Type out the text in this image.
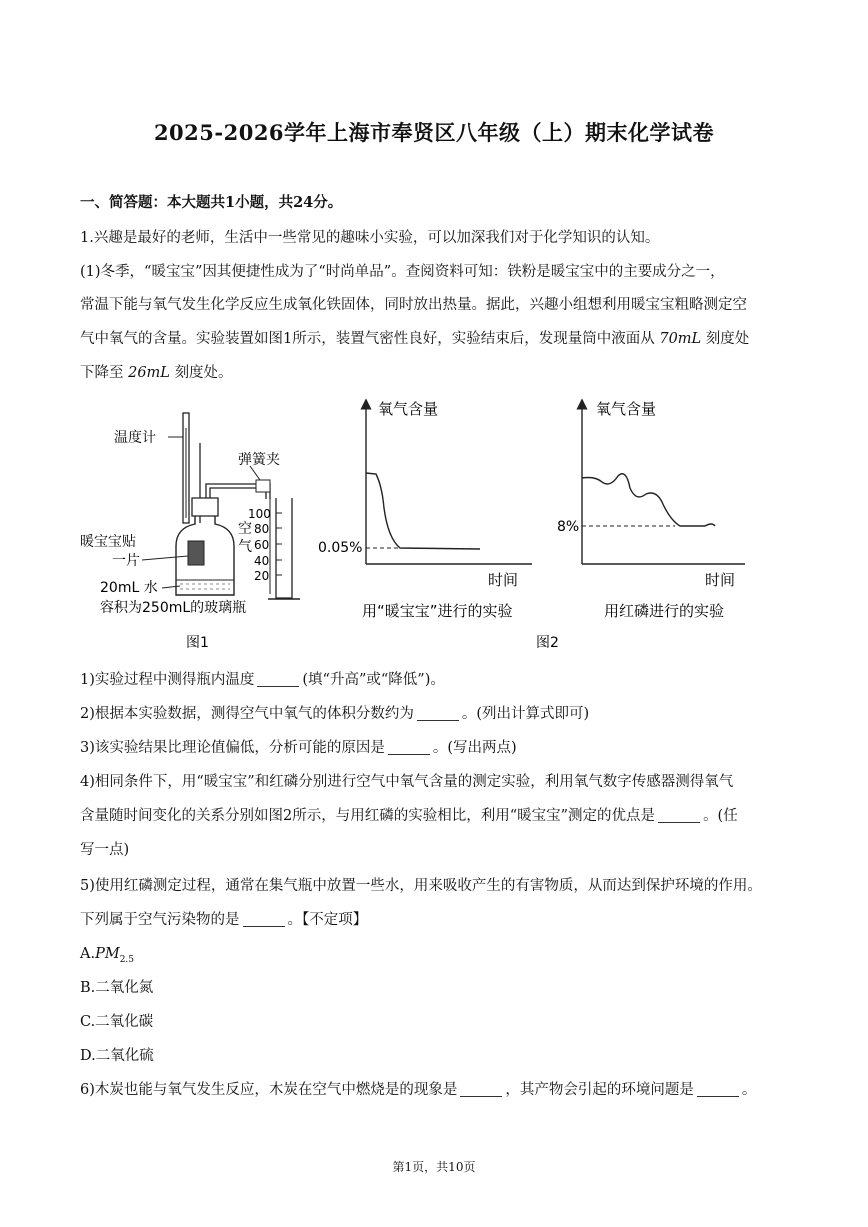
2025-2026学年上海市奉贤区八年级（上）期末化学试卷
一、简答题：本大题共1小题，共24分。
1.兴趣是最好的老师，生活中一些常见的趣味小实验，可以加深我们对于化学知识的认知。
(1)冬季，“暖宝宝”因其便捷性成为了“时尚单品”。查阅资料可知：铁粉是暖宝宝中的主要成分之一，
常温下能与氧气发生化学反应生成氧化铁固体，同时放出热量。据此，兴趣小组想利用暖宝宝粗略测定空
气中氧气的含量。实验装置如图1所示，装置气密性良好，实验结束后，发现量筒中液面从 70mL 刻度处
下降至 26mL 刻度处。
温度计
弹簧夹
暖宝宝贴
一片
空
气
100
80
60
40
20
20mL 水
容积为250mL的玻璃瓶
图1
氧气含量
时间
0.05%
用“暖宝宝”进行的实验
氧气含量
时间
8%
用红磷进行的实验
图2
1)实验过程中测得瓶内温度	(填“升高”或“降低”)。
2)根据本实验数据，测得空气中氧气的体积分数约为	。(列出计算式即可)
3)该实验结果比理论值偏低，分析可能的原因是	。(写出两点)
4)相同条件下，用“暖宝宝”和红磷分别进行空气中氧气含量的测定实验，利用氧气数字传感器测得氧气
含量随时间变化的关系分别如图2所示，与用红磷的实验相比，利用“暖宝宝”测定的优点是	。(任
写一点)
5)使用红磷测定过程，通常在集气瓶中放置一些水，用来吸收产生的有害物质，从而达到保护环境的作用。
下列属于空气污染物的是	。【不定项】
$A.PM_{2.5}$
B.二氧化氮
C.二氧化碳
D.二氧化硫
6)木炭也能与氧气发生反应，木炭在空气中燃烧是的现象是	，其产物会引起的环境问题是	。
第1页，共10页
